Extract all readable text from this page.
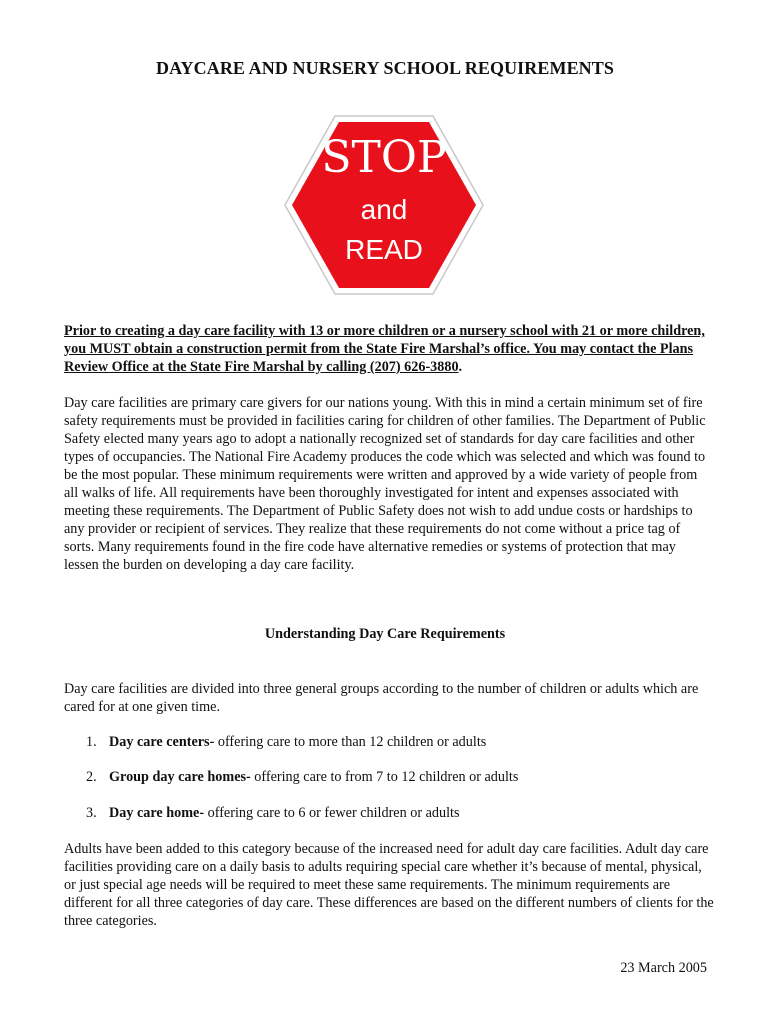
DAYCARE AND NURSERY SCHOOL REQUIREMENTS
STOP
and
READ
Prior to creating a day care facility with 13 or more children or a nursery school with 21 or more children, you MUST obtain a construction permit from the State Fire Marshal’s office. You may contact the Plans Review Office at the State Fire Marshal by calling (207) 626-3880.
Day care facilities are primary care givers for our nations young. With this in mind a certain minimum set of fire safety requirements must be provided in facilities caring for children of other families. The Department of Public Safety elected many years ago to adopt a nationally recognized set of standards for day care facilities and other types of occupancies. The National Fire Academy produces the code which was selected and which was found to be the most popular. These minimum requirements were written and approved by a wide variety of people from all walks of life. All requirements have been thoroughly investigated for intent and expenses associated with meeting these requirements. The Department of Public Safety does not wish to add undue costs or hardships to any provider or recipient of services. They realize that these requirements do not come without a price tag of sorts. Many requirements found in the fire code have alternative remedies or systems of protection that may lessen the burden on developing a day care facility.
Understanding Day Care Requirements
Day care facilities are divided into three general groups according to the number of children or adults which are cared for at one given time.
1. Day care centers- offering care to more than 12 children or adults
2. Group day care homes- offering care to from 7 to 12 children or adults
3. Day care home- offering care to 6 or fewer children or adults
Adults have been added to this category because of the increased need for adult day care facilities. Adult day care facilities providing care on a daily basis to adults requiring special care whether it’s because of mental, physical, or just special age needs will be required to meet these same requirements. The minimum requirements are different for all three categories of day care. These differences are based on the different numbers of clients for the three categories.
23 March 2005
